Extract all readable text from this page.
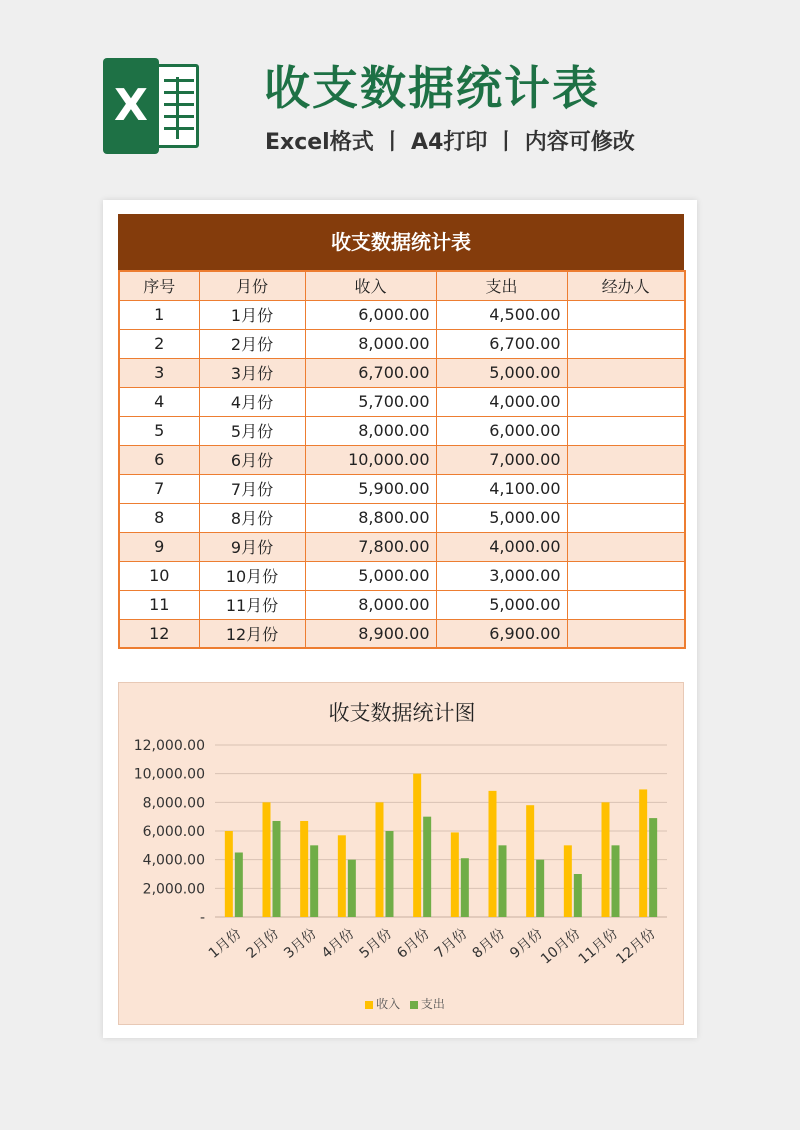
X	收支数据统计表
Excel格式 丨 A4打印 丨 内容可修改
收支数据统计表
序号	月份	收入	支出	经办人
1	1月份	6,000.00	4,500.00	
2	2月份	8,000.00	6,700.00	
3	3月份	6,700.00	5,000.00	
4	4月份	5,700.00	4,000.00	
5	5月份	8,000.00	6,000.00	
6	6月份	10,000.00	7,000.00	
7	7月份	5,900.00	4,100.00	
8	8月份	8,800.00	5,000.00	
9	9月份	7,800.00	4,000.00	
10	10月份	5,000.00	3,000.00	
11	11月份	8,000.00	5,000.00	
12	12月份	8,900.00	6,900.00	
收支数据统计图
-
2,000.00
4,000.00
6,000.00
8,000.00
10,000.00
12,000.00
1月份 2月份 3月份 4月份 5月份 6月份 7月份 8月份 9月份
10月份
11月份
12月份
收入 支出
